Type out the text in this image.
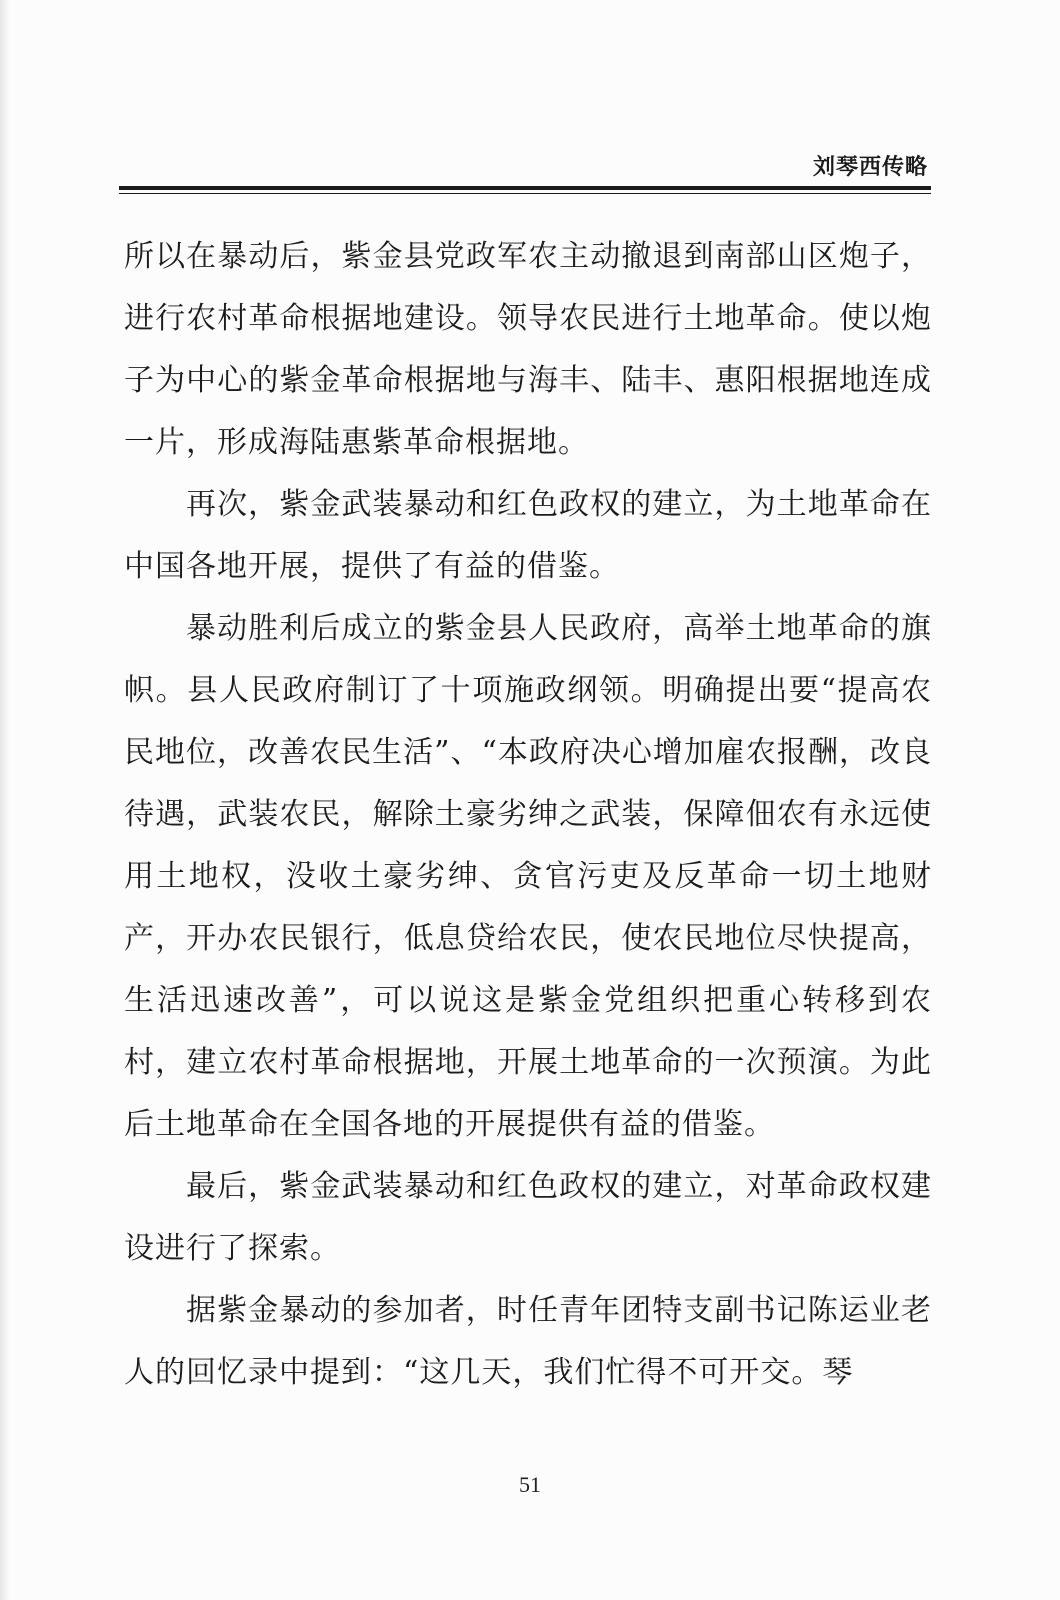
刘琴西传略

所以在暴动后，紫金县党政军农主动撤退到南部山区炮子，进行农村革命根据地建设。领导农民进行土地革命。使以炮子为中心的紫金革命根据地与海丰、陆丰、惠阳根据地连成一片，形成海陆惠紫革命根据地。

再次，紫金武装暴动和红色政权的建立，为土地革命在中国各地开展，提供了有益的借鉴。

暴动胜利后成立的紫金县人民政府，高举土地革命的旗帜。县人民政府制订了十项施政纲领。明确提出要“提高农民地位，改善农民生活”、“本政府决心增加雇农报酬，改良待遇，武装农民，解除土豪劣绅之武装，保障佃农有永远使用土地权，没收土豪劣绅、贪官污吏及反革命一切土地财产，开办农民银行，低息贷给农民，使农民地位尽快提高，生活迅速改善”，可以说这是紫金党组织把重心转移到农村，建立农村革命根据地，开展土地革命的一次预演。为此后土地革命在全国各地的开展提供有益的借鉴。

最后，紫金武装暴动和红色政权的建立，对革命政权建设进行了探索。

据紫金暴动的参加者，时任青年团特支副书记陈运业老人的回忆录中提到：“这几天，我们忙得不可开交。琴

51
